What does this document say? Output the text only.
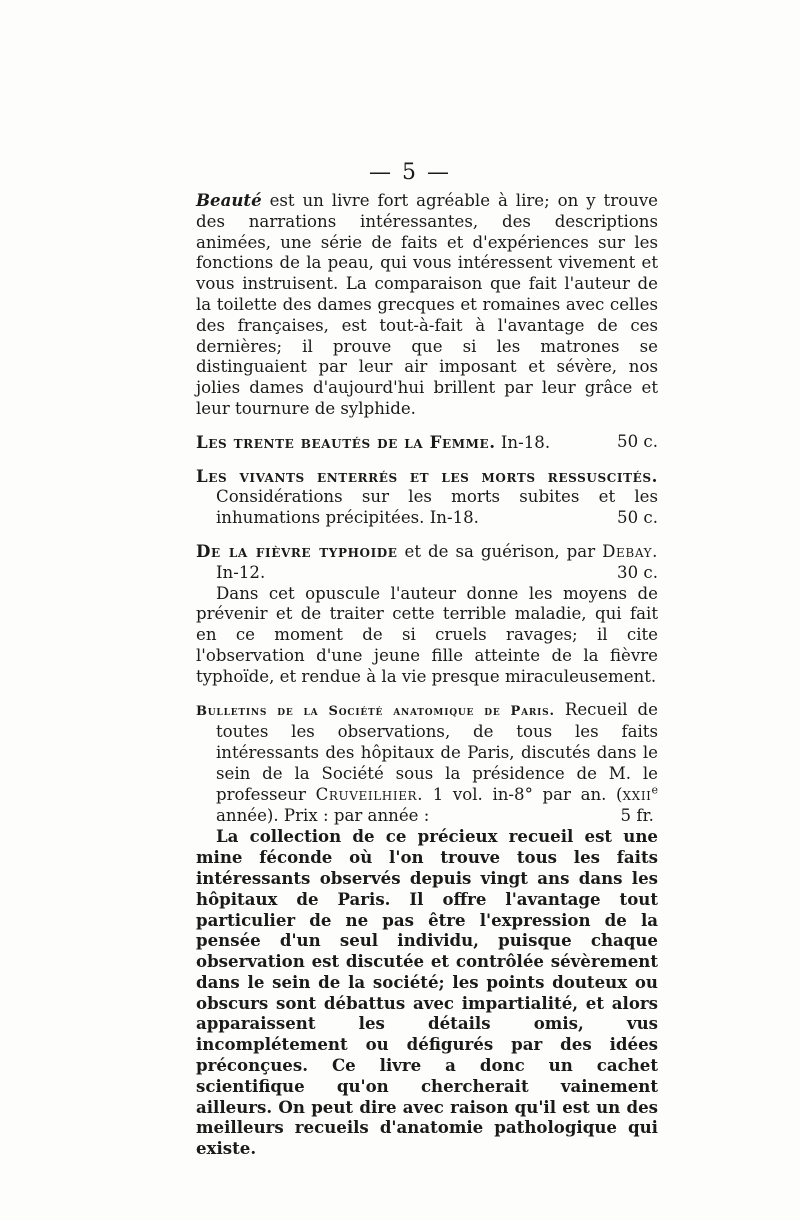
— 5 —

Beauté est un livre fort agréable à lire; on y trouve des narrations intéressantes, des descriptions animées, une série de faits et d'expériences sur les fonctions de la peau, qui vous intéressent vivement et vous instruisent. La comparaison que fait l'auteur de la toilette des dames grecques et romaines avec celles des françaises, est tout-à-fait à l'avantage de ces dernières; il prouve que si les matrones se distinguaient par leur air imposant et sévère, nos jolies dames d'aujourd'hui brillent par leur grâce et leur tournure de sylphide.

Les trente beautés de la Femme. In-18.	50 c.

Les vivants enterrés et les morts ressuscités. Considérations sur les morts subites et les inhumations précipitées. In-18.	50 c.
De la fièvre typhoide et de sa guérison, par Debay. In-12.	30 c.

Dans cet opuscule l'auteur donne les moyens de prévenir et de traiter cette terrible maladie, qui fait en ce moment de si cruels ravages; il cite l'observation d'une jeune fille atteinte de la fièvre typhoïde, et rendue à la vie presque miraculeusement.

Bulletins de la Société anatomique de Paris. Recueil de toutes les observations, de tous les faits intéressants des hôpitaux de Paris, discutés dans le sein de la Société sous la présidence de M. le professeur Cruveilhier. 1 vol. in-8° par an. (xxii$^e$ année). Prix : par année :	5 fr.

La collection de ce précieux recueil est une mine féconde où l'on trouve tous les faits intéressants observés depuis vingt ans dans les hôpitaux de Paris. Il offre l'avantage tout particulier de ne pas être l'expression de la pensée d'un seul individu, puisque chaque observation est discutée et contrôlée sévèrement dans le sein de la société; les points douteux ou obscurs sont débattus avec impartialité, et alors apparaissent les détails omis, vus incomplétement ou défigurés par des idées préconçues. Ce livre a donc un cachet scientifique qu'on chercherait vainement ailleurs. On peut dire avec raison qu'il est un des meilleurs recueils d'anatomie pathologique qui existe.
